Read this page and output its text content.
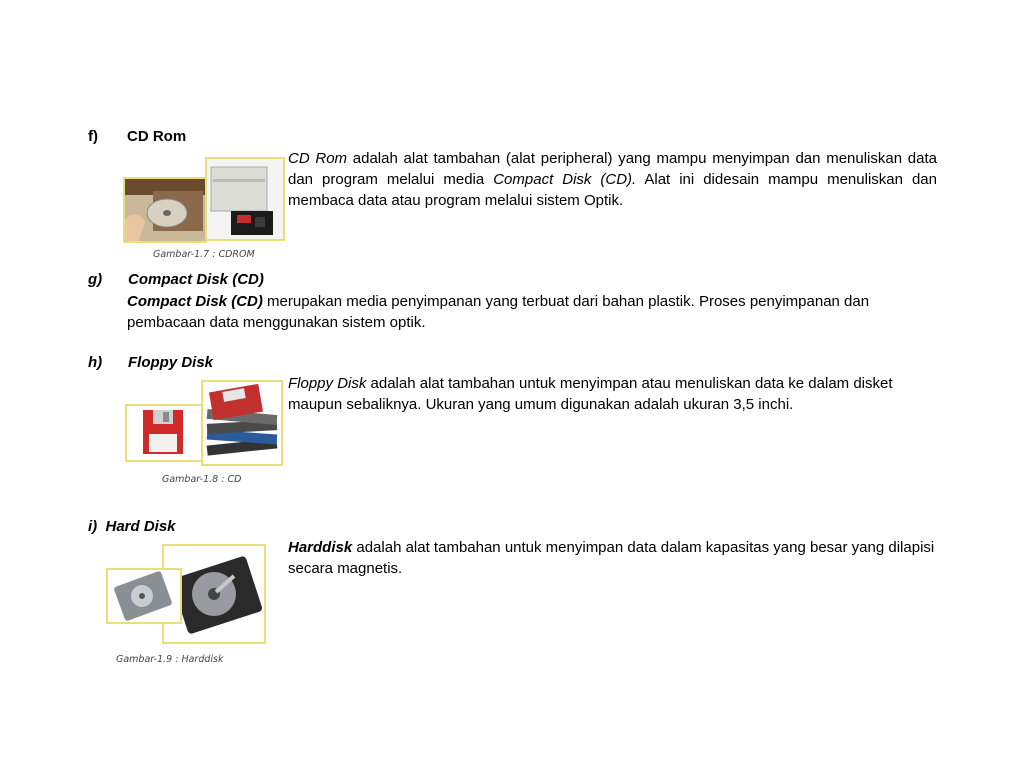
f) CD Rom
Gambar-1.7 : CDROM
CD Rom adalah alat tambahan (alat peripheral) yang mampu menyimpan dan menuliskan data dan program melalui media Compact Disk (CD). Alat ini didesain mampu menuliskan dan membaca data atau program melalui sistem Optik.
g) Compact Disk (CD)
Compact Disk (CD) merupakan media penyimpanan yang terbuat dari bahan plastik. Proses penyimpanan dan pembacaan data menggunakan sistem optik.
h) Floppy Disk
Gambar-1.8 : CD
Floppy Disk adalah alat tambahan untuk menyimpan atau menuliskan data ke dalam disket maupun sebaliknya. Ukuran yang umum digunakan adalah ukuran 3,5 inchi.
i)  Hard Disk
Gambar-1.9 : Harddisk
Harddisk adalah alat tambahan untuk menyimpan data dalam kapasitas yang besar yang dilapisi secara magnetis.
